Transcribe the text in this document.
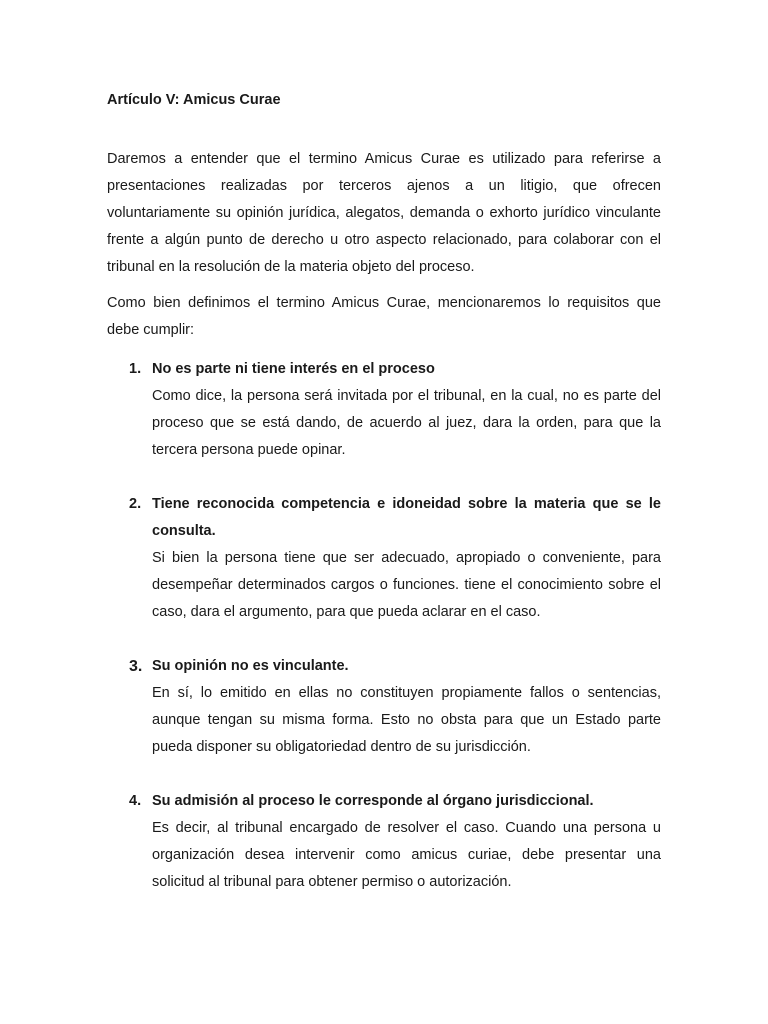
Artículo V: Amicus Curae

Daremos a entender que el termino Amicus Curae es utilizado para referirse a presentaciones realizadas por terceros ajenos a un litigio, que ofrecen voluntariamente su opinión jurídica, alegatos, demanda o exhorto jurídico vinculante frente a algún punto de derecho u otro aspecto relacionado, para colaborar con el tribunal en la resolución de la materia objeto del proceso.

Como bien definimos el termino Amicus Curae, mencionaremos lo requisitos que debe cumplir:

1. No es parte ni tiene interés en el proceso

Como dice, la persona será invitada por el tribunal, en la cual, no es parte del proceso que se está dando, de acuerdo al juez, dara la orden, para que la tercera persona puede opinar.

2. Tiene reconocida competencia e idoneidad sobre la materia que se le consulta.

Si bien la persona tiene que ser adecuado, apropiado o conveniente, para desempeñar determinados cargos o funciones. tiene el conocimiento sobre el caso, dara el argumento, para que pueda aclarar en el caso.

3. Su opinión no es vinculante.

En sí, lo emitido en ellas no constituyen propiamente fallos o sentencias, aunque tengan su misma forma. Esto no obsta para que un Estado parte pueda disponer su obligatoriedad dentro de su jurisdicción.

4. Su admisión al proceso le corresponde al órgano jurisdiccional.

Es decir, al tribunal encargado de resolver el caso. Cuando una persona u organización desea intervenir como amicus curiae, debe presentar una solicitud al tribunal para obtener permiso o autorización.
